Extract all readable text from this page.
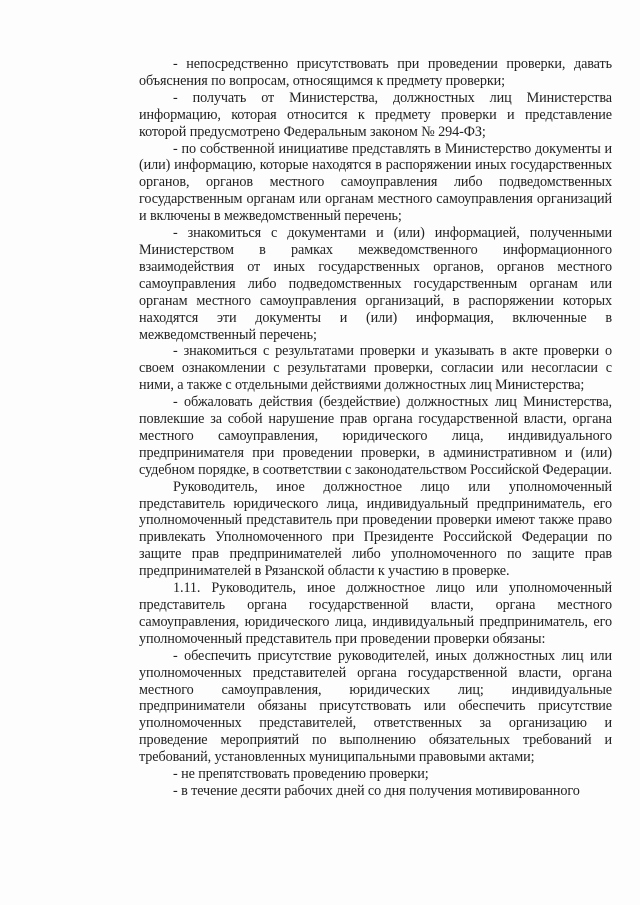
- непосредственно присутствовать при проведении проверки, давать объяснения по вопросам, относящимся к предмету проверки;

- получать от Министерства, должностных лиц Министерства информацию, которая относится к предмету проверки и представление которой предусмотрено Федеральным законом № 294-ФЗ;

- по собственной инициативе представлять в Министерство документы и (или) информацию, которые находятся в распоряжении иных государственных органов, органов местного самоуправления либо подведомственных государственным органам или органам местного самоуправления организаций и включены в межведомственный перечень;

- знакомиться с документами и (или) информацией, полученными Министерством в рамках межведомственного информационного взаимодействия от иных государственных органов, органов местного самоуправления либо подведомственных государственным органам или органам местного самоуправления организаций, в распоряжении которых находятся эти документы и (или) информация, включенные в межведомственный перечень;

- знакомиться с результатами проверки и указывать в акте проверки о своем ознакомлении с результатами проверки, согласии или несогласии с ними, а также с отдельными действиями должностных лиц Министерства;

- обжаловать действия (бездействие) должностных лиц Министерства, повлекшие за собой нарушение прав органа государственной власти, органа местного самоуправления, юридического лица, индивидуального предпринимателя при проведении проверки, в административном и (или) судебном порядке, в соответствии с законодательством Российской Федерации.

Руководитель, иное должностное лицо или уполномоченный представитель юридического лица, индивидуальный предприниматель, его уполномоченный представитель при проведении проверки имеют также право привлекать Уполномоченного при Президенте Российской Федерации по защите прав предпринимателей либо уполномоченного по защите прав предпринимателей в Рязанской области к участию в проверке.

1.11. Руководитель, иное должностное лицо или уполномоченный представитель органа государственной власти, органа местного самоуправления, юридического лица, индивидуальный предприниматель, его уполномоченный представитель при проведении проверки обязаны:

- обеспечить присутствие руководителей, иных должностных лиц или уполномоченных представителей органа государственной власти, органа местного самоуправления, юридических лиц; индивидуальные предприниматели обязаны присутствовать или обеспечить присутствие уполномоченных представителей, ответственных за организацию и проведение мероприятий по выполнению обязательных требований и требований, установленных муниципальными правовыми актами;

- не препятствовать проведению проверки;

- в течение десяти рабочих дней со дня получения мотивированного
